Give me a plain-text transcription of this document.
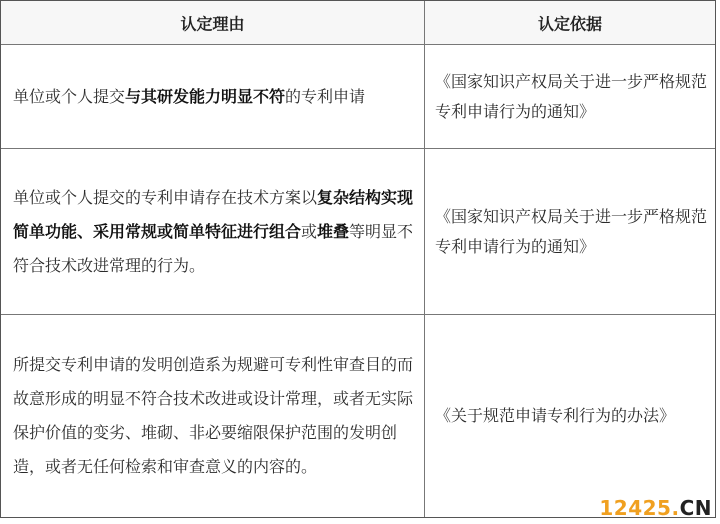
认定理由	认定依据
单位或个人提交与其研发能力明显不符的专利申请
《国家知识产权局关于进一步严格规范专利申请行为的通知》
单位或个人提交的专利申请存在技术方案以复杂结构实现简单功能、采用常规或简单特征进行组合或堆叠等明显不符合技术改进常理的行为。
《国家知识产权局关于进一步严格规范专利申请行为的通知》
所提交专利申请的发明创造系为规避可专利性审查目的而故意形成的明显不符合技术改进或设计常理，或者无实际保护价值的变劣、堆砌、非必要缩限保护范围的发明创造，或者无任何检索和审查意义的内容的。
《关于规范申请专利行为的办法》
12425.CN
